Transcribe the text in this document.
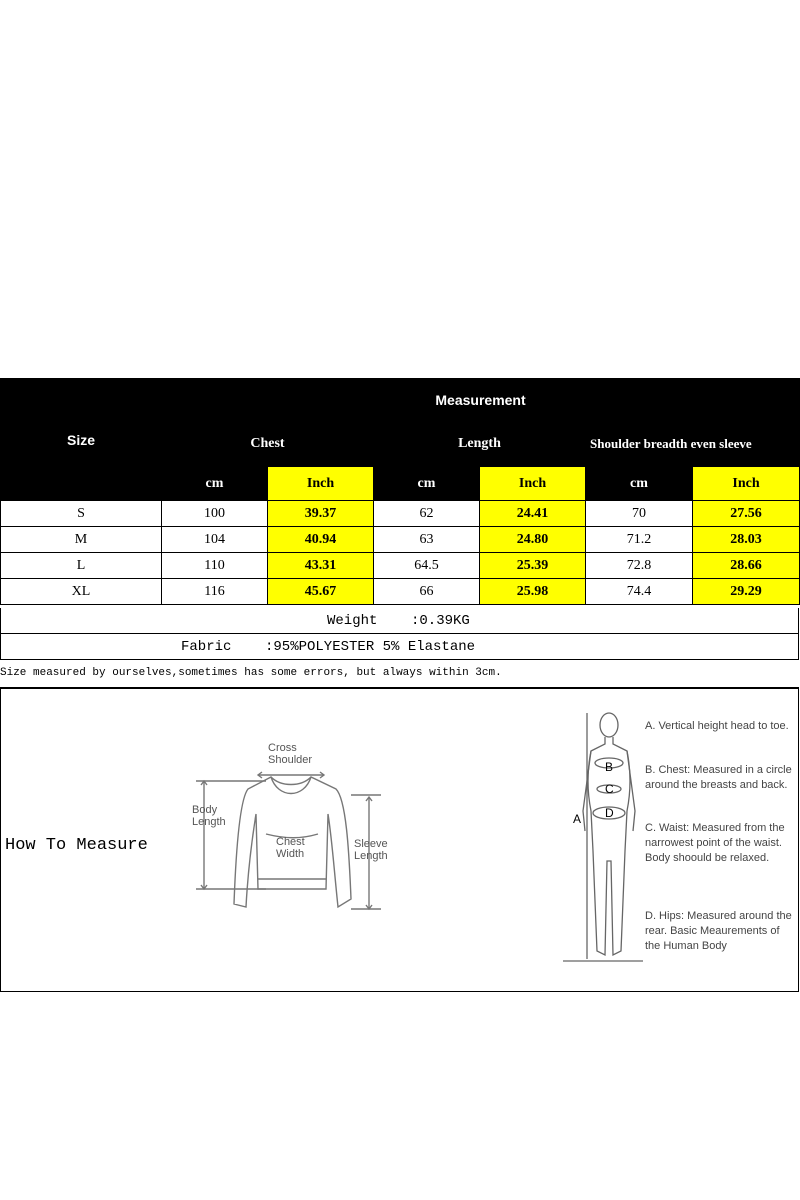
Size	Measurement					
	Chest		Length		Shoulder breadth even sleeve	
	cm	Inch	cm	Inch	cm	Inch
S	100	39.37	62	24.41	70	27.56
M	104	40.94	63	24.80	71.2	28.03
L	110	43.31	64.5	25.39	72.8	28.66
XL	116	45.67	66	25.98	74.4	29.29
Weight :0.39KG
Fabric :95%POLYESTER 5% Elastane
Size measured by ourselves,sometimes has some errors, but always within 3cm.
How To Measure
Cross
Shoulder
Body
Length
Chest
Width
Sleeve
Length
B
C
D
A
A. Vertical height head to toe.
B. Chest: Measured in a circle around the breasts and back.
C. Waist: Measured from the narrowest point of the waist. Body shoould be relaxed.
D. Hips: Measured around the rear. Basic Meaurements of the Human Body
